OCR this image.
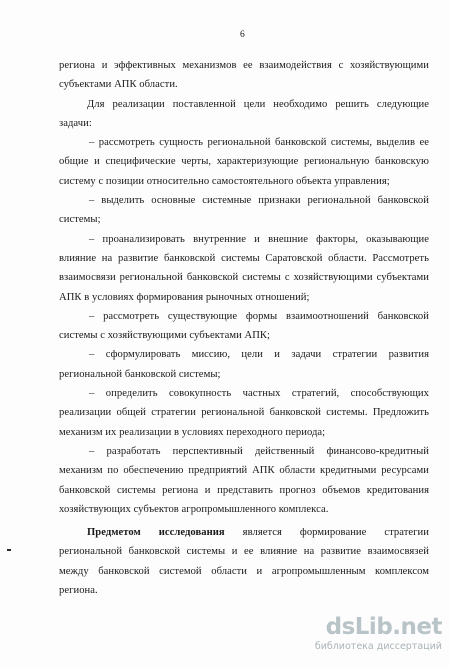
6

региона и эффективных механизмов ее взаимодействия с хозяйствующими субъектами АПК области.

Для реализации поставленной цели необходимо решить следующие задачи:

– рассмотреть сущность региональной банковской системы, выделив ее общие и специфические черты, характеризующие региональную банковскую систему с позиции относительно самостоятельного объекта управления;

– выделить основные системные признаки региональной банковской системы;

– проанализировать внутренние и внешние факторы, оказывающие влияние на развитие банковской системы Саратовской области. Рассмотреть взаимосвязи региональной банковской системы с хозяйствующими субъектами АПК в условиях формирования рыночных отношений;

– рассмотреть существующие формы взаимоотношений банковской системы с хозяйствующими субъектами АПК;

– сформулировать миссию, цели и задачи стратегии развития региональной банковской системы;

– определить совокупность частных стратегий, способствующих реализации общей стратегии региональной банковской системы. Предложить механизм их реализации в условиях переходного периода;

– разработать перспективный действенный финансово-кредитный механизм по обеспечению предприятий АПК области кредитными ресурсами банковской системы региона и представить прогноз объемов кредитования хозяйствующих субъектов агропромышленного комплекса.

Предметом исследования является формирование стратегии региональной банковской системы и ее влияние на развитие взаимосвязей между банковской системой области и агропромышленным комплексом региона.

dsLib.net
библиотека диссертаций
